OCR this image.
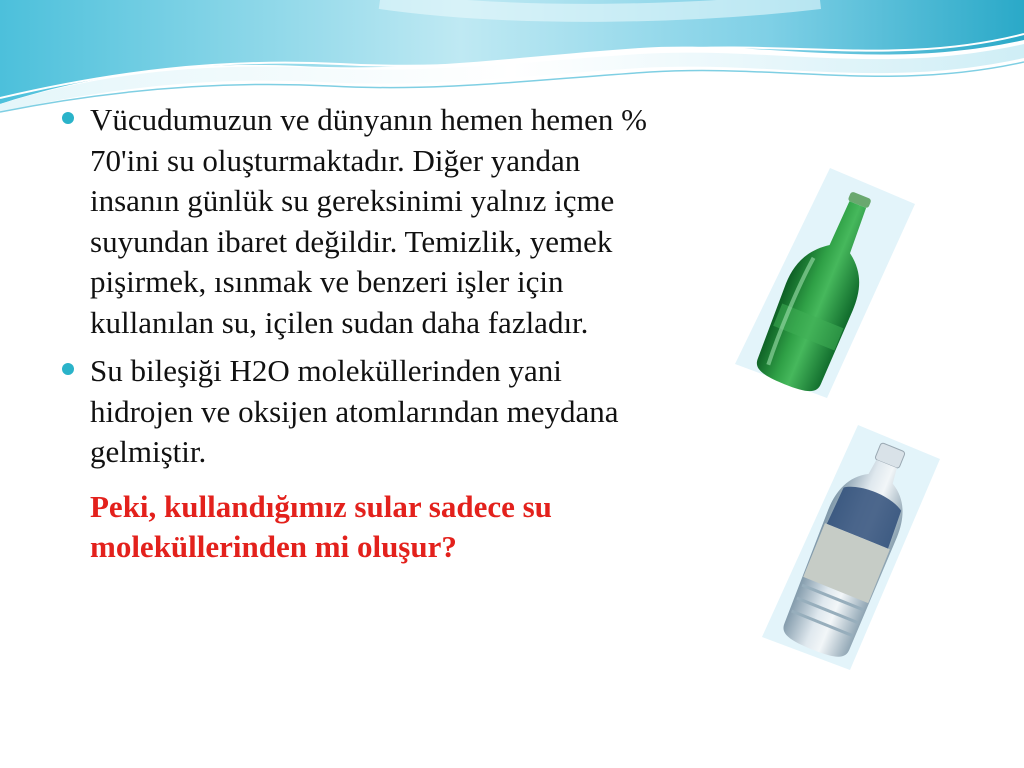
Vücudumuzun ve dünyanın hemen hemen % 70'ini su oluşturmaktadır. Diğer yandan insanın günlük su gereksinimi yalnız içme suyundan ibaret değildir. Temizlik, yemek pişirmek, ısınmak ve benzeri işler için kullanılan su, içilen sudan daha fazladır.
Su bileşiği H2O moleküllerinden yani hidrojen ve oksijen atomlarından meydana gelmiştir.
Peki, kullandığımız sular sadece su moleküllerinden mi oluşur?
